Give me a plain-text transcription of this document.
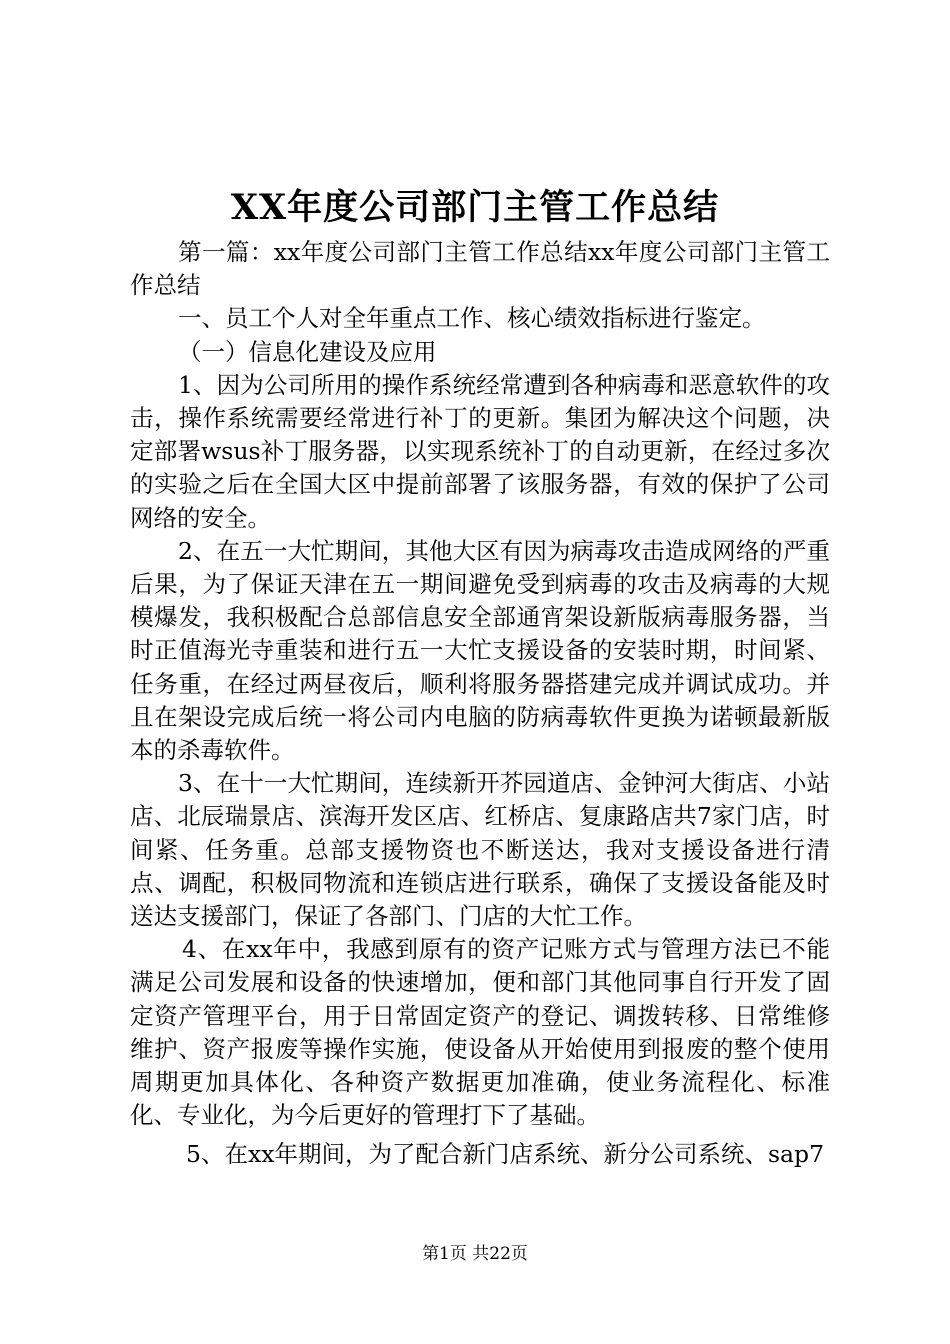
XX年度公司部门主管工作总结

第一篇：xx年度公司部门主管工作总结xx年度公司部门主管工作总结

一、员工个人对全年重点工作、核心绩效指标进行鉴定。

（一）信息化建设及应用

1、因为公司所用的操作系统经常遭到各种病毒和恶意软件的攻击，操作系统需要经常进行补丁的更新。集团为解决这个问题，决定部署wsus补丁服务器，以实现系统补丁的自动更新，在经过多次的实验之后在全国大区中提前部署了该服务器，有效的保护了公司网络的安全。

2、在五一大忙期间，其他大区有因为病毒攻击造成网络的严重后果，为了保证天津在五一期间避免受到病毒的攻击及病毒的大规模爆发，我积极配合总部信息安全部通宵架设新版病毒服务器，当时正值海光寺重装和进行五一大忙支援设备的安装时期，时间紧、任务重，在经过两昼夜后，顺利将服务器搭建完成并调试成功。并且在架设完成后统一将公司内电脑的防病毒软件更换为诺顿最新版本的杀毒软件。

3、在十一大忙期间，连续新开芥园道店、金钟河大街店、小站店、北辰瑞景店、滨海开发区店、红桥店、复康路店共7家门店，时间紧、任务重。总部支援物资也不断送达，我对支援设备进行清点、调配，积极同物流和连锁店进行联系，确保了支援设备能及时送达支援部门，保证了各部门、门店的大忙工作。

4、在xx年中，我感到原有的资产记账方式与管理方法已不能满足公司发展和设备的快速增加，便和部门其他同事自行开发了固定资产管理平台，用于日常固定资产的登记、调拨转移、日常维修维护、资产报废等操作实施，使设备从开始使用到报废的整个使用周期更加具体化、各种资产数据更加准确，使业务流程化、标准化、专业化，为今后更好的管理打下了基础。

5、在xx年期间，为了配合新门店系统、新分公司系统、sap7

第1页 共22页
